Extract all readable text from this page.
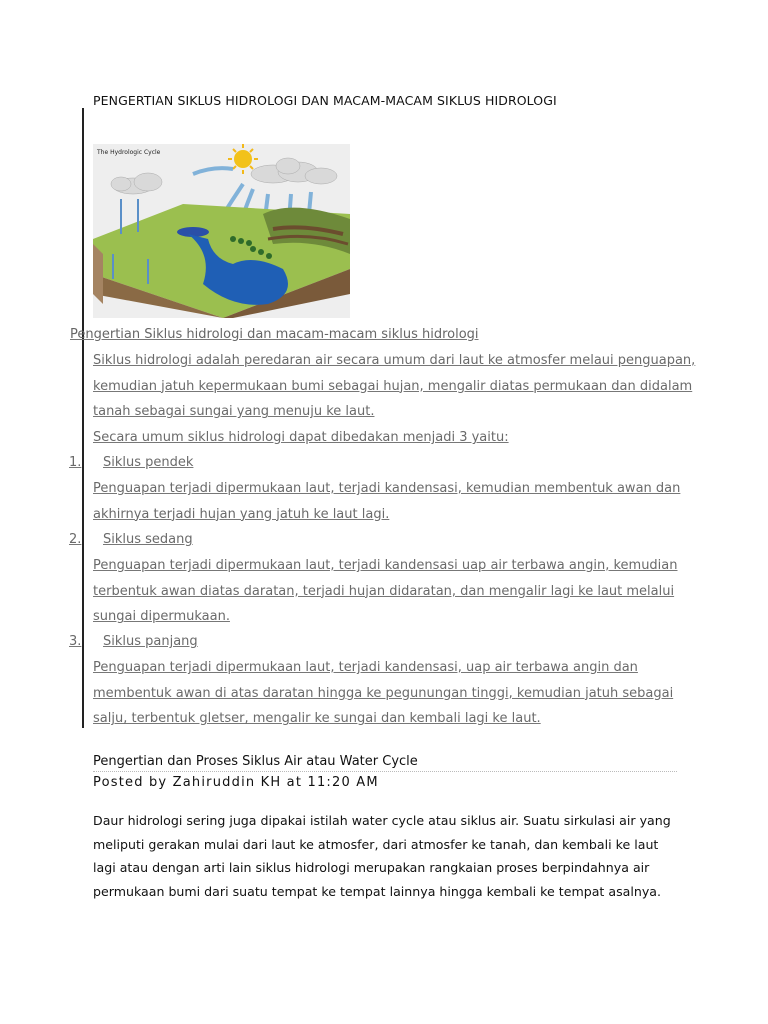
PENGERTIAN SIKLUS HIDROLOGI DAN MACAM-MACAM SIKLUS HIDROLOGI
The Hydrologic Cycle
Pengertian Siklus hidrologi dan macam-macam siklus hidrologi
Siklus hidrologi adalah peredaran air secara umum dari laut ke atmosfer melaui penguapan,
kemudian jatuh kepermukaan bumi sebagai hujan, mengalir diatas permukaan dan didalam
tanah sebagai sungai yang menuju ke laut.
Secara umum siklus hidrologi dapat dibedakan menjadi 3 yaitu:
1. Siklus pendek
Penguapan terjadi dipermukaan laut, terjadi kandensasi, kemudian membentuk awan dan
akhirnya terjadi hujan yang jatuh ke laut lagi.
2. Siklus sedang
Penguapan terjadi dipermukaan laut, terjadi kandensasi uap air terbawa angin, kemudian
terbentuk awan diatas daratan, terjadi hujan didaratan, dan mengalir lagi ke laut melalui
sungai dipermukaan.
3. Siklus panjang
Penguapan terjadi dipermukaan laut, terjadi kandensasi, uap air terbawa angin dan
membentuk awan di atas daratan hingga ke pegunungan tinggi, kemudian jatuh sebagai
salju, terbentuk gletser, mengalir ke sungai dan kembali lagi ke laut.
Pengertian dan Proses Siklus Air atau Water Cycle
Posted by Zahiruddin KH at 11:20 AM
Daur hidrologi sering juga dipakai istilah water cycle atau siklus air. Suatu sirkulasi air yang
meliputi gerakan mulai dari laut ke atmosfer, dari atmosfer ke tanah, dan kembali ke laut
lagi atau dengan arti lain siklus hidrologi merupakan rangkaian proses berpindahnya air
permukaan bumi dari suatu tempat ke tempat lainnya hingga kembali ke tempat asalnya.
